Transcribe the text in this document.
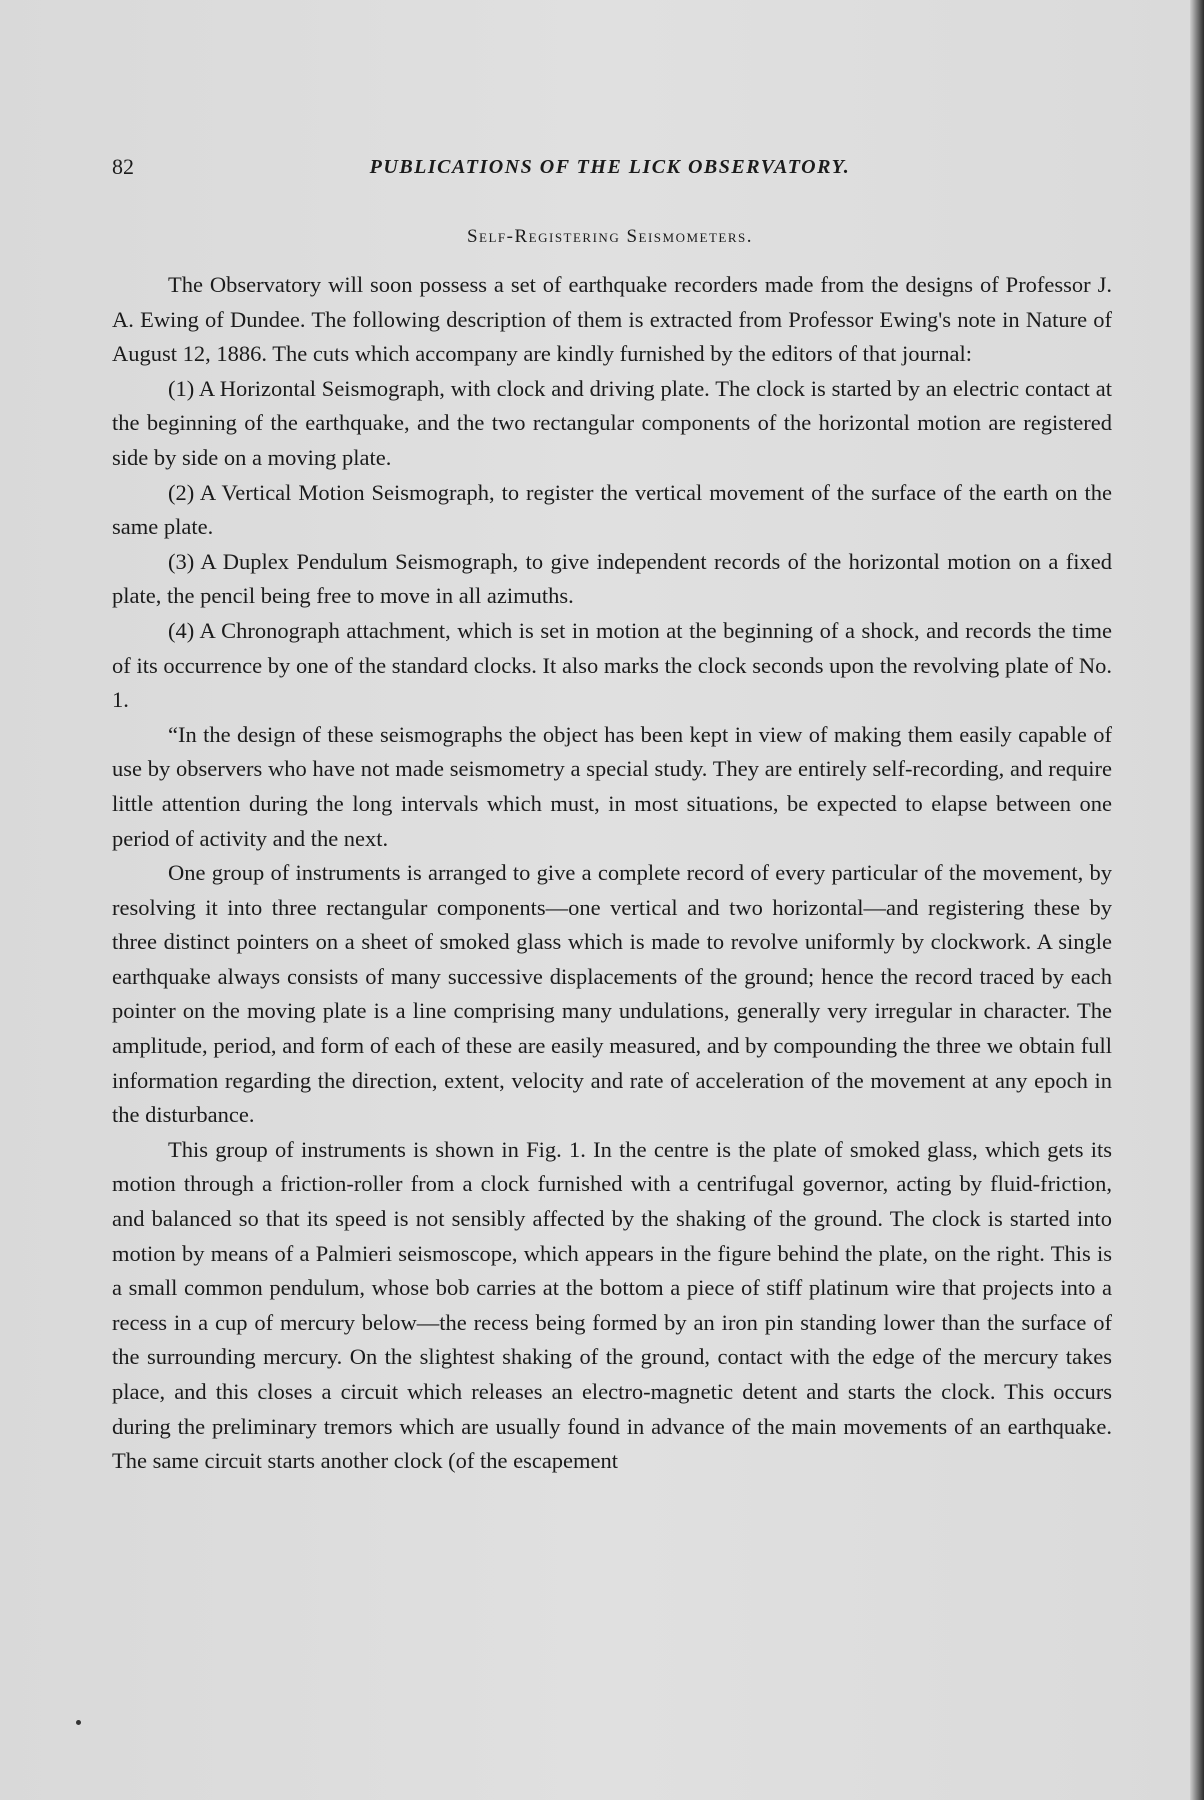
82	PUBLICATIONS OF THE LICK OBSERVATORY.
Self-Registering Seismometers.

The Observatory will soon possess a set of earthquake recorders made from the designs of Professor J. A. Ewing of Dundee. The following description of them is extracted from Professor Ewing's note in Nature of August 12, 1886. The cuts which accompany are kindly furnished by the editors of that journal:

(1) A Horizontal Seismograph, with clock and driving plate. The clock is started by an electric contact at the beginning of the earthquake, and the two rectangular components of the horizontal motion are registered side by side on a moving plate.

(2) A Vertical Motion Seismograph, to register the vertical movement of the surface of the earth on the same plate.

(3) A Duplex Pendulum Seismograph, to give independent records of the horizontal motion on a fixed plate, the pencil being free to move in all azimuths.

(4) A Chronograph attachment, which is set in motion at the beginning of a shock, and records the time of its occurrence by one of the standard clocks. It also marks the clock seconds upon the revolving plate of No. 1.

“In the design of these seismographs the object has been kept in view of making them easily capable of use by observers who have not made seismometry a special study. They are entirely self-recording, and require little attention during the long intervals which must, in most situations, be expected to elapse between one period of activity and the next.

One group of instruments is arranged to give a complete record of every particular of the movement, by resolving it into three rectangular components—one vertical and two horizontal—and registering these by three distinct pointers on a sheet of smoked glass which is made to revolve uniformly by clockwork. A single earthquake always consists of many successive displacements of the ground; hence the record traced by each pointer on the moving plate is a line comprising many undulations, generally very irregular in character. The amplitude, period, and form of each of these are easily measured, and by compounding the three we obtain full information regarding the direction, extent, velocity and rate of acceleration of the movement at any epoch in the disturbance.

This group of instruments is shown in Fig. 1. In the centre is the plate of smoked glass, which gets its motion through a friction-roller from a clock furnished with a centrifugal governor, acting by fluid-friction, and balanced so that its speed is not sensibly affected by the shaking of the ground. The clock is started into motion by means of a Palmieri seismoscope, which appears in the figure behind the plate, on the right. This is a small common pendulum, whose bob carries at the bottom a piece of stiff platinum wire that projects into a recess in a cup of mercury below—the recess being formed by an iron pin standing lower than the surface of the surrounding mercury. On the slightest shaking of the ground, contact with the edge of the mercury takes place, and this closes a circuit which releases an electro-magnetic detent and starts the clock. This occurs during the preliminary tremors which are usually found in advance of the main movements of an earthquake. The same circuit starts another clock (of the escapement
